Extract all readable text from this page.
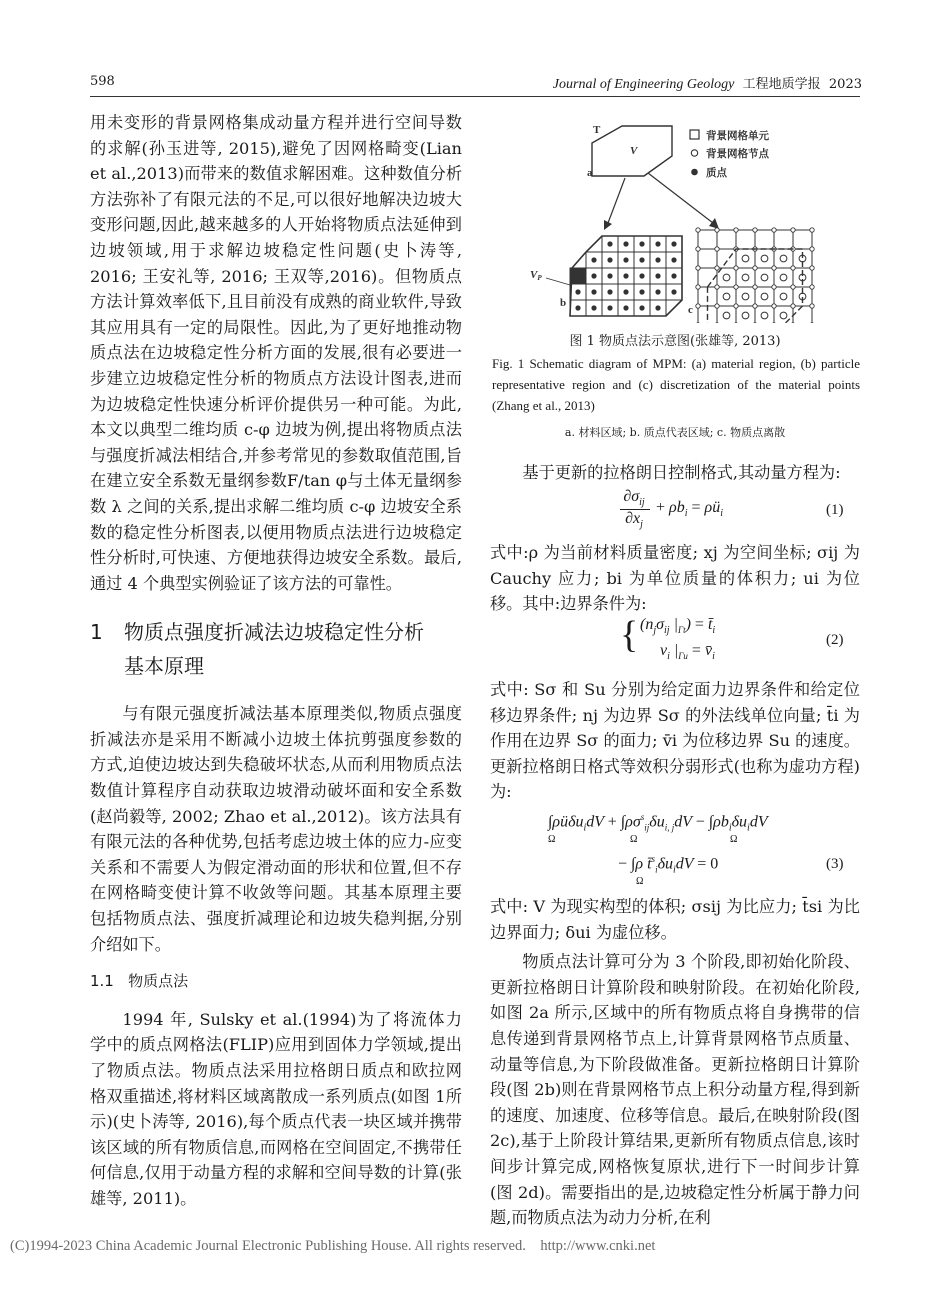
598	Journal of Engineering Geology 工程地质学报 2023

用未变形的背景网格集成动量方程并进行空间导数的求解(孙玉进等, 2015),避免了因网格畸变(Lian et al.,2013)而带来的数值求解困难。这种数值分析方法弥补了有限元法的不足,可以很好地解决边坡大变形问题,因此,越来越多的人开始将物质点法延伸到边坡领域,用于求解边坡稳定性问题(史卜涛等, 2016; 王安礼等, 2016; 王双等,2016)。但物质点方法计算效率低下,且目前没有成熟的商业软件,导致其应用具有一定的局限性。因此,为了更好地推动物质点法在边坡稳定性分析方面的发展,很有必要进一步建立边坡稳定性分析的物质点方法设计图表,进而为边坡稳定性快速分析评价提供另一种可能。为此,本文以典型二维均质 c-φ 边坡为例,提出将物质点法与强度折减法相结合,并参考常见的参数取值范围,旨在建立安全系数无量纲参数F/tan φ与土体无量纲参数 λ 之间的关系,提出求解二维均质 c-φ 边坡安全系数的稳定性分析图表,以便用物质点法进行边坡稳定性分析时,可快速、方便地获得边坡安全系数。最后,通过 4 个典型实例验证了该方法的可靠性。

1	物质点强度折减法边坡稳定性分析
基本原理

与有限元强度折减法基本原理类似,物质点强度折减法亦是采用不断减小边坡土体抗剪强度参数的方式,迫使边坡达到失稳破坏状态,从而利用物质点法数值计算程序自动获取边坡滑动破坏面和安全系数(赵尚毅等, 2002; Zhao et al.,2012)。该方法具有有限元法的各种优势,包括考虑边坡土体的应力-应变关系和不需要人为假定滑动面的形状和位置,但不存在网格畸变使计算不收敛等问题。其基本原理主要包括物质点法、强度折减理论和边坡失稳判据,分别介绍如下。

1.1 物质点法

1994 年, Sulsky et al.(1994)为了将流体力学中的质点网格法(FLIP)应用到固体力学领域,提出了物质点法。物质点法采用拉格朗日质点和欧拉网格双重描述,将材料区域离散成一系列质点(如图 1所示)(史卜涛等, 2016),每个质点代表一块区域并携带该区域的所有物质信息,而网格在空间固定,不携带任何信息,仅用于动量方程的求解和空间导数的计算(张雄等, 2011)。

T
V
a
背景网格单元
背景网格节点
质点
VP
b
c
图 1 物质点法示意图(张雄等, 2013)
Fig. 1 Schematic diagram of MPM: (a) material region, (b) particle representative region and (c) discretization of the material points (Zhang et al., 2013)
a. 材料区域; b. 质点代表区域; c. 物质点离散

基于更新的拉格朗日控制格式,其动量方程为:

$\partial\sigma_{ij}$
$\partial x_j$
+ $\rho b_i$ = $\rho ü_i$	(1)

式中:ρ 为当前材料质量密度; xj 为空间坐标; σij 为 Cauchy 应力; bi 为单位质量的体积力; ui 为位移。其中:边界条件为:

{ ($n_j\sigma_{ij}$ $|_{\Gamma t}$) = $t̄_i$
$v_i$ $|_{\Gamma u}$ = $v̄_i$
(2)

式中: Sσ 和 Su 分别为给定面力边界条件和给定位移边界条件; nj 为边界 Sσ 的外法线单位向量; t̄i 为作用在边界 Sσ 的面力; v̄i 为位移边界 Su 的速度。更新拉格朗日格式等效积分弱形式(也称为虚功方程)为:

∫ρüδu$_i$dV + $\int\rho\sigma^s_{ij}\delta u_{i, j}dV - \int\rho b_i\delta u_idV$
Ω	Ω	Ω
− ∫ρ $t̄^s_i\delta u_idV = 0$
Ω
(3)

式中: V 为现实构型的体积; σsij 为比应力; t̄si 为比边界面力; δui 为虚位移。

物质点法计算可分为 3 个阶段,即初始化阶段、更新拉格朗日计算阶段和映射阶段。在初始化阶段,如图 2a 所示,区域中的所有物质点将自身携带的信息传递到背景网格节点上,计算背景网格节点质量、动量等信息,为下阶段做准备。更新拉格朗日计算阶段(图 2b)则在背景网格节点上积分动量方程,得到新的速度、加速度、位移等信息。最后,在映射阶段(图 2c),基于上阶段计算结果,更新所有物质点信息,该时间步计算完成,网格恢复原状,进行下一时间步计算(图 2d)。需要指出的是,边坡稳定性分析属于静力问题,而物质点法为动力分析,在利

(C)1994-2023 China Academic Journal Electronic Publishing House. All rights reserved. http://www.cnki.net
